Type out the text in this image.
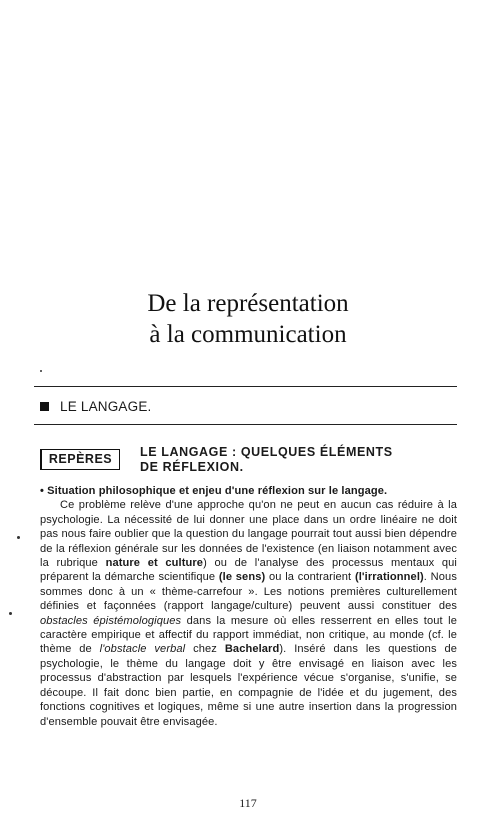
De la représentation
à la communication
LE LANGAGE.
REPÈRES	LE LANGAGE : QUELQUES ÉLÉMENTS
DE RÉFLEXION.

• Situation philosophique et enjeu d'une réflexion sur le langage.

Ce problème relève d'une approche qu'on ne peut en aucun cas réduire à la psychologie. La nécessité de lui donner une place dans un ordre linéaire ne doit pas nous faire oublier que la question du langage pourrait tout aussi bien dépendre de la réflexion générale sur les données de l'existence (en liaison notamment avec la rubrique nature et culture) ou de l'analyse des processus mentaux qui préparent la démarche scientifique (le sens) ou la contrarient (l'irrationnel). Nous sommes donc à un « thème-carrefour ». Les notions premières culturellement définies et façonnées (rapport langage/culture) peuvent aussi constituer des obstacles épistémologiques dans la mesure où elles resserrent en elles tout le caractère empirique et affectif du rapport immédiat, non critique, au monde (cf. le thème de l'obstacle verbal chez Bachelard). Inséré dans les questions de psychologie, le thème du langage doit y être envisagé en liaison avec les processus d'abstraction par lesquels l'expérience vécue s'organise, s'unifie, se découpe. Il fait donc bien partie, en compagnie de l'idée et du jugement, des fonctions cognitives et logiques, même si une autre insertion dans la progression d'ensemble pouvait être envisagée.

117
